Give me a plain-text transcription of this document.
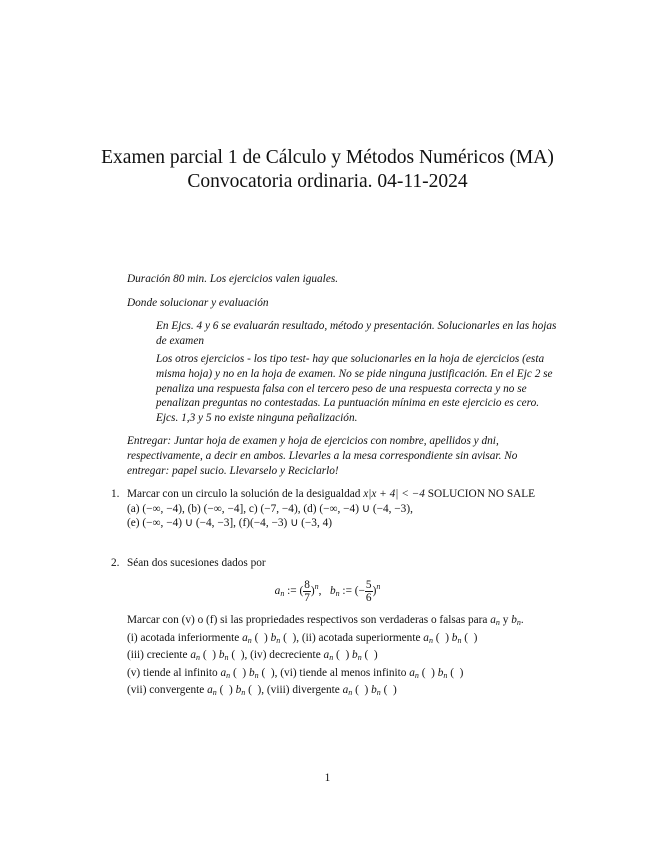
Examen parcial 1 de Cálculo y Métodos Numéricos (MA)
Convocatoria ordinaria. 04-11-2024
Duración 80 min. Los ejercicios valen iguales.
Donde solucionar y evaluación
En Ejcs. 4 y 6 se evaluarán resultado, método y presentación. Solucionarles en las hojas de examen
Los otros ejercicios - los tipo test- hay que solucionarles en la hoja de ejercicios (esta misma hoja) y no en la hoja de examen. No se pide ninguna justificación. En el Ejc 2 se penaliza una respuesta falsa con el tercero peso de una respuesta correcta y no se penalizan preguntas no contestadas. La puntuación mínima en este ejercicio es cero. Ejcs. 1,3 y 5 no existe ninguna peñalización.
Entregar: Juntar hoja de examen y hoja de ejercicios con nombre, apellidos y dni, respectivamente, a decir en ambos. Llevarles a la mesa correspondiente sin avisar. No entregar: papel sucio. Llevarselo y Reciclarlo!
1. Marcar con un circulo la solución de la desigualdad x|x + 4| < −4 SOLUCION NO SALE
(a) (−∞, −4), (b) (−∞, −4], c) (−7, −4), (d) (−∞, −4) ∪ (−4, −3),
(e) (−∞, −4) ∪ (−4, −3], (f)(−4, −3) ∪ (−3, 4)
2. Séan dos sucesiones dados por
$a_n$ := ( $\frac{8}{7} )^n$,   $b_n$ := (− $\frac{5}{6} )^n$
Marcar con (v) o (f) si las propriedades respectivos son verdaderas o falsas para $a_n$ y $b_n$.
(i) acotada inferiormente $a_n$ (  ) $b_n$ (  ), (ii) acotada superiormente $a_n$ (  ) $b_n$ (  )
(iii) creciente $a_n$ (  ) $b_n$ (  ), (iv) decreciente $a_n$ (  ) $b_n$ (  )
(v) tiende al infinito $a_n$ (  ) $b_n$ (  ), (vi) tiende al menos infinito $a_n$ (  ) $b_n$ (  )
(vii) convergente $a_n$ (  ) $b_n$ (  ), (viii) divergente $a_n$ (  ) $b_n$ (  )
1
